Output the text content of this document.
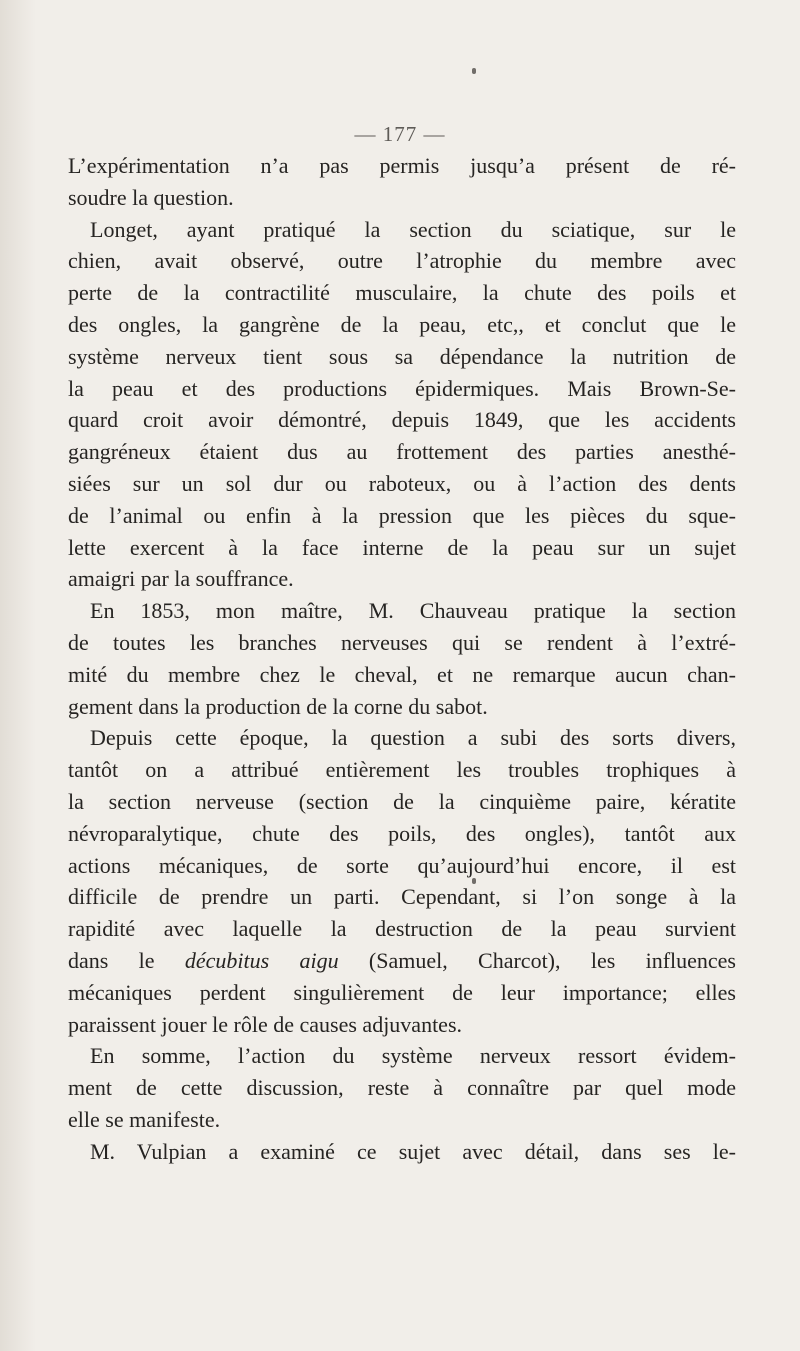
— 177 —
L’expérimentation n’a pas permis jusqu’a présent de ré-
soudre la question.
Longet, ayant pratiqué la section du sciatique, sur le
chien, avait observé, outre l’atrophie du membre avec
perte de la contractilité musculaire, la chute des poils et
des ongles, la gangrène de la peau, etc,, et conclut que le
système nerveux tient sous sa dépendance la nutrition de
la peau et des productions épidermiques. Mais Brown-Se-
quard croit avoir démontré, depuis 1849, que les accidents
gangréneux étaient dus au frottement des parties anesthé-
siées sur un sol dur ou raboteux, ou à l’action des dents
de l’animal ou enfin à la pression que les pièces du sque-
lette exercent à la face interne de la peau sur un sujet
amaigri par la souffrance.
En 1853, mon maître, M. Chauveau pratique la section
de toutes les branches nerveuses qui se rendent à l’extré-
mité du membre chez le cheval, et ne remarque aucun chan-
gement dans la production de la corne du sabot.
Depuis cette époque, la question a subi des sorts divers,
tantôt on a attribué entièrement les troubles trophiques à
la section nerveuse (section de la cinquième paire, kératite
névroparalytique, chute des poils, des ongles), tantôt aux
actions mécaniques, de sorte qu’aujourd’hui encore, il est
difficile de prendre un parti. Cependant, si l’on songe à la
rapidité avec laquelle la destruction de la peau survient
dans le décubitus aigu (Samuel, Charcot), les influences
mécaniques perdent singulièrement de leur importance; elles
paraissent jouer le rôle de causes adjuvantes.
En somme, l’action du système nerveux ressort évidem-
ment de cette discussion, reste à connaître par quel mode
elle se manifeste.
M. Vulpian a examiné ce sujet avec détail, dans ses le-
